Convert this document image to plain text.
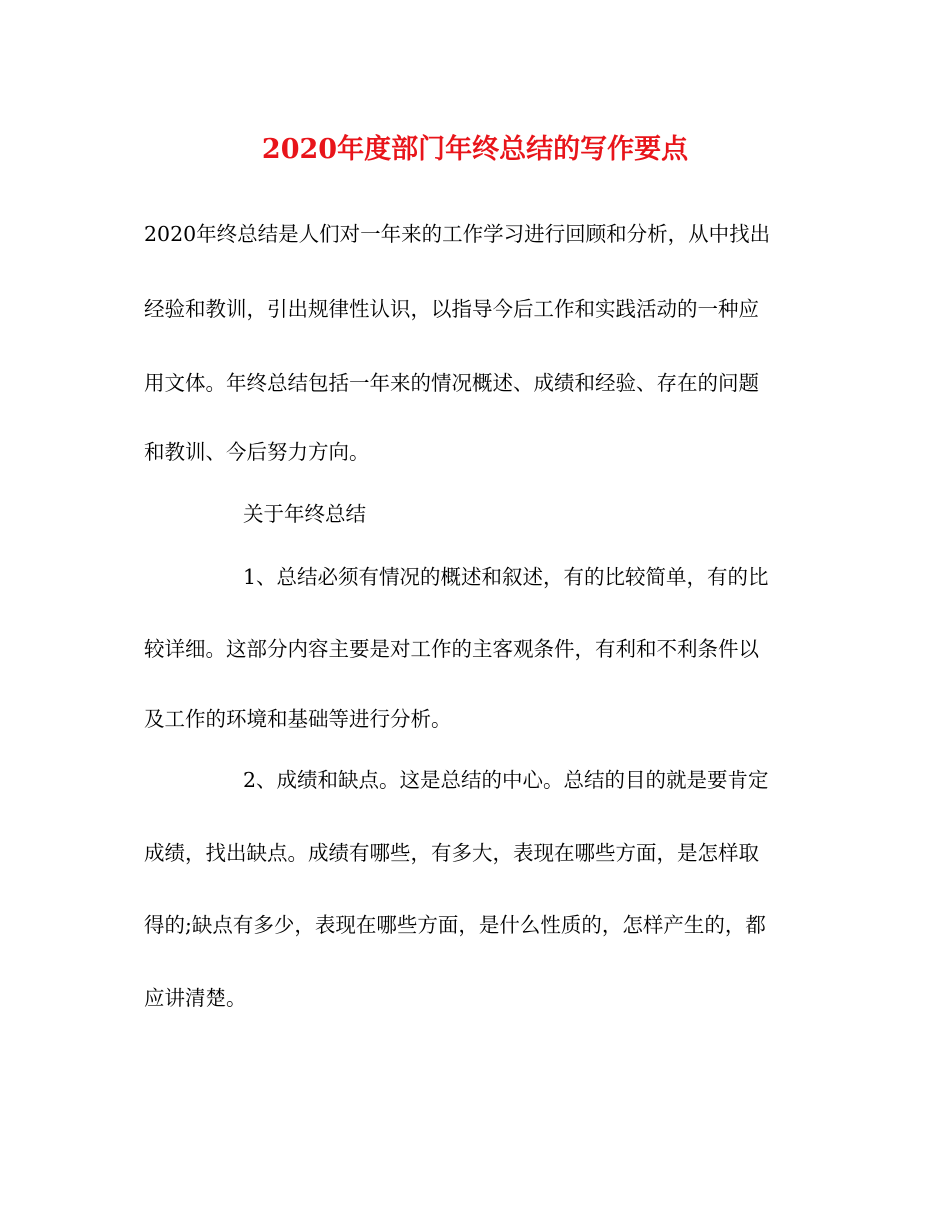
2020年度部门年终总结的写作要点
2020年终总结是人们对一年来的工作学习进行回顾和分析，从中找出
经验和教训，引出规律性认识，以指导今后工作和实践活动的一种应
用文体。年终总结包括一年来的情况概述、成绩和经验、存在的问题
和教训、今后努力方向。
关于年终总结
1、总结必须有情况的概述和叙述，有的比较简单，有的比
较详细。这部分内容主要是对工作的主客观条件，有利和不利条件以
及工作的环境和基础等进行分析。
2、成绩和缺点。这是总结的中心。总结的目的就是要肯定
成绩，找出缺点。成绩有哪些，有多大，表现在哪些方面，是怎样取
得的;缺点有多少，表现在哪些方面，是什么性质的，怎样产生的，都
应讲清楚。
